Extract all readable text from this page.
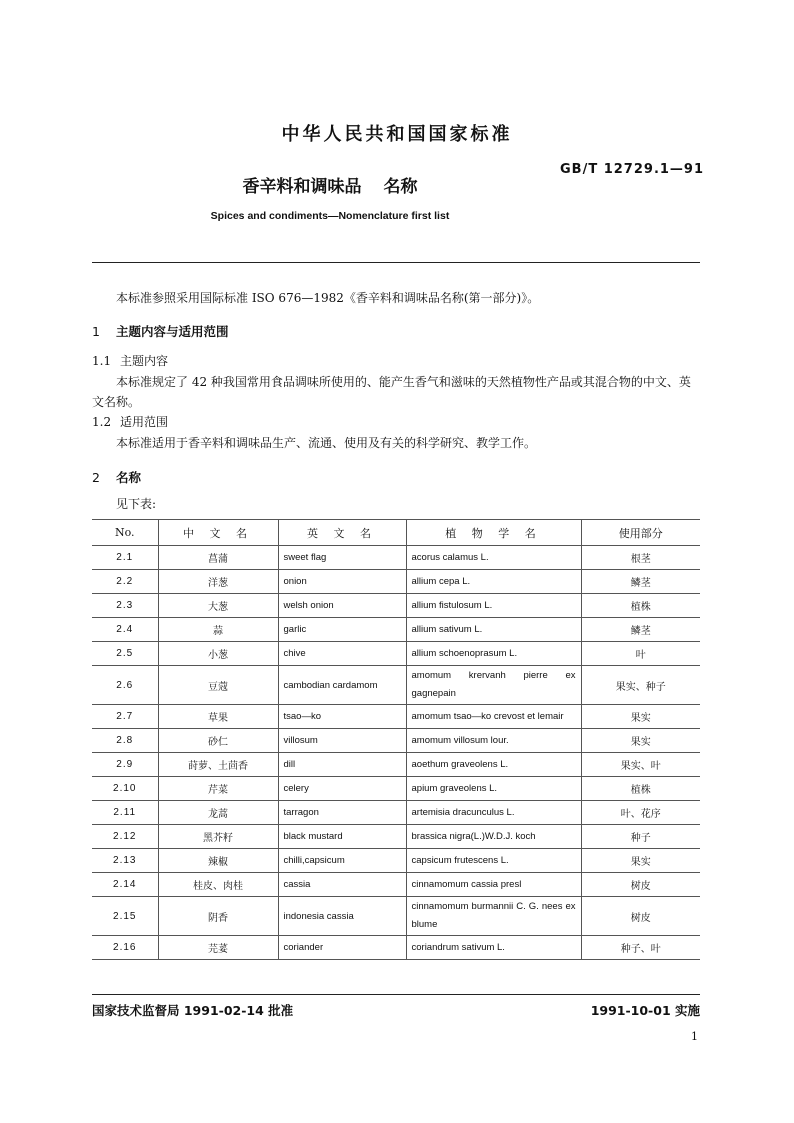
中华人民共和国国家标准
GB/T 12729.1—91
香辛料和调味品 名称
Spices and condiments—Nomenclature first list
本标准参照采用国际标准 ISO 676—1982《香辛料和调味品名称(第一部分)》。
1 主题内容与适用范围
1.1 主题内容
本标准规定了 42 种我国常用食品调味所使用的、能产生香气和滋味的天然植物性产品或其混合物的中文、英文名称。
1.2 适用范围
本标准适用于香辛料和调味品生产、流通、使用及有关的科学研究、教学工作。
2 名称
见下表:
No.	中 文 名	英 文 名	植 物 学 名	使用部分
2.1	菖蒲	sweet flag	acorus calamus L.	根茎
2.2	洋葱	onion	allium cepa L.	鳞茎
2.3	大葱	welsh onion	allium fistulosum L.	植株
2.4	蒜	garlic	allium sativum L.	鳞茎
2.5	小葱	chive	allium schoenoprasum L.	叶
2.6	豆蔻	cambodian cardamom	amomum krervanh pierre ex gagnepain	果实、种子
2.7	草果	tsao—ko	amomum tsao—ko crevost et lemair	果实
2.8	砂仁	villosum	amomum villosum lour.	果实
2.9	莳萝、土茴香	dill	aoethum graveolens L.	果实、叶
2.10	芹菜	celery	apium graveolens L.	植株
2.11	龙蒿	tarragon	artemisia dracunculus L.	叶、花序
2.12	黑芥籽	black mustard	brassica nigra(L.)W.D.J. koch	种子
2.13	辣椒	chilli,capsicum	capsicum frutescens L.	果实
2.14	桂皮、肉桂	cassia	cinnamomum cassia presl	树皮
2.15	阴香	indonesia cassia	cinnamomum burmannii C. G. nees ex blume	树皮
2.16	芫荽	coriander	coriandrum sativum L.	种子、叶
国家技术监督局 1991-02-14 批准	1991-10-01 实施
1
